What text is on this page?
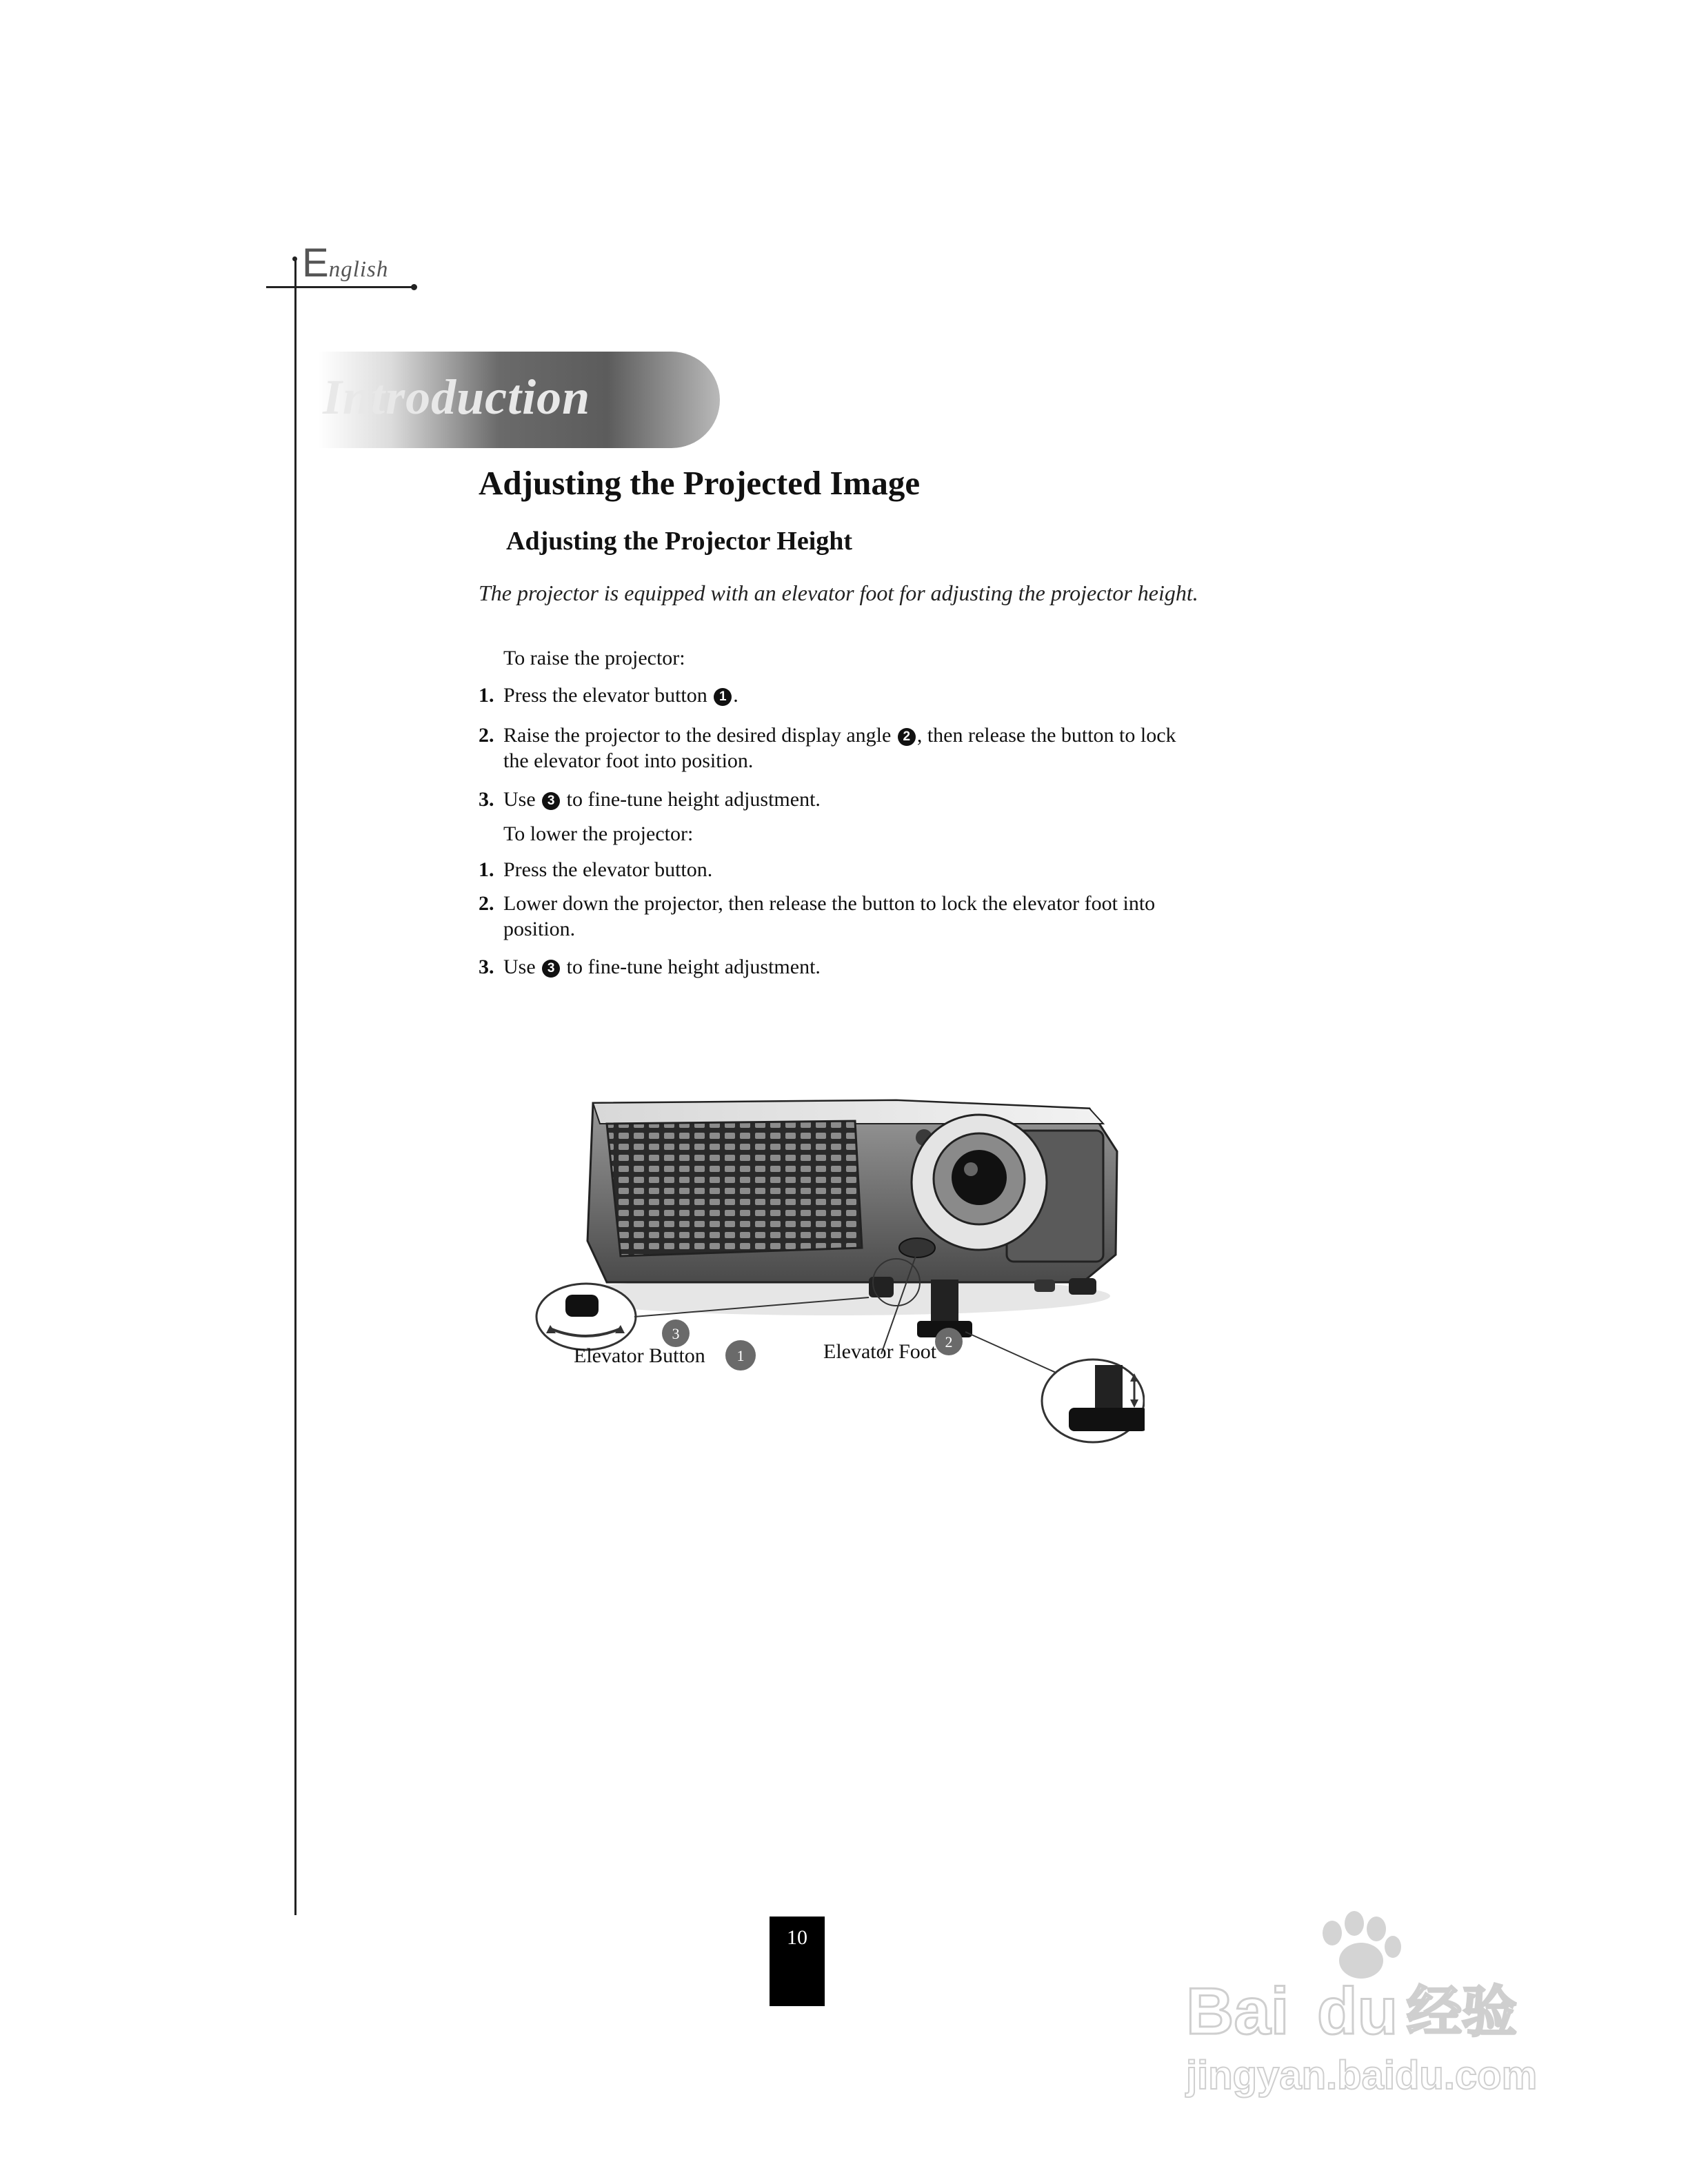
English
Introduction
Adjusting the Projected Image
Adjusting the Projector Height
The projector is equipped with an elevator foot for adjusting the projector height.
To raise the projector:
1. Press the elevator button 1 .
2. Raise the projector to the desired display angle 2 , then release the button to lock the elevator foot into position.
3. Use 3 to fine-tune height adjustment.
To lower the projector:
1. Press the elevator button.
2. Lower down the projector, then release the button to lock the elevator foot into position.
3. Use 3 to fine-tune height adjustment.
3	2
1
Elevator Button	Elevator Foot
10
Bai du 经验
jingyan.baidu.com
